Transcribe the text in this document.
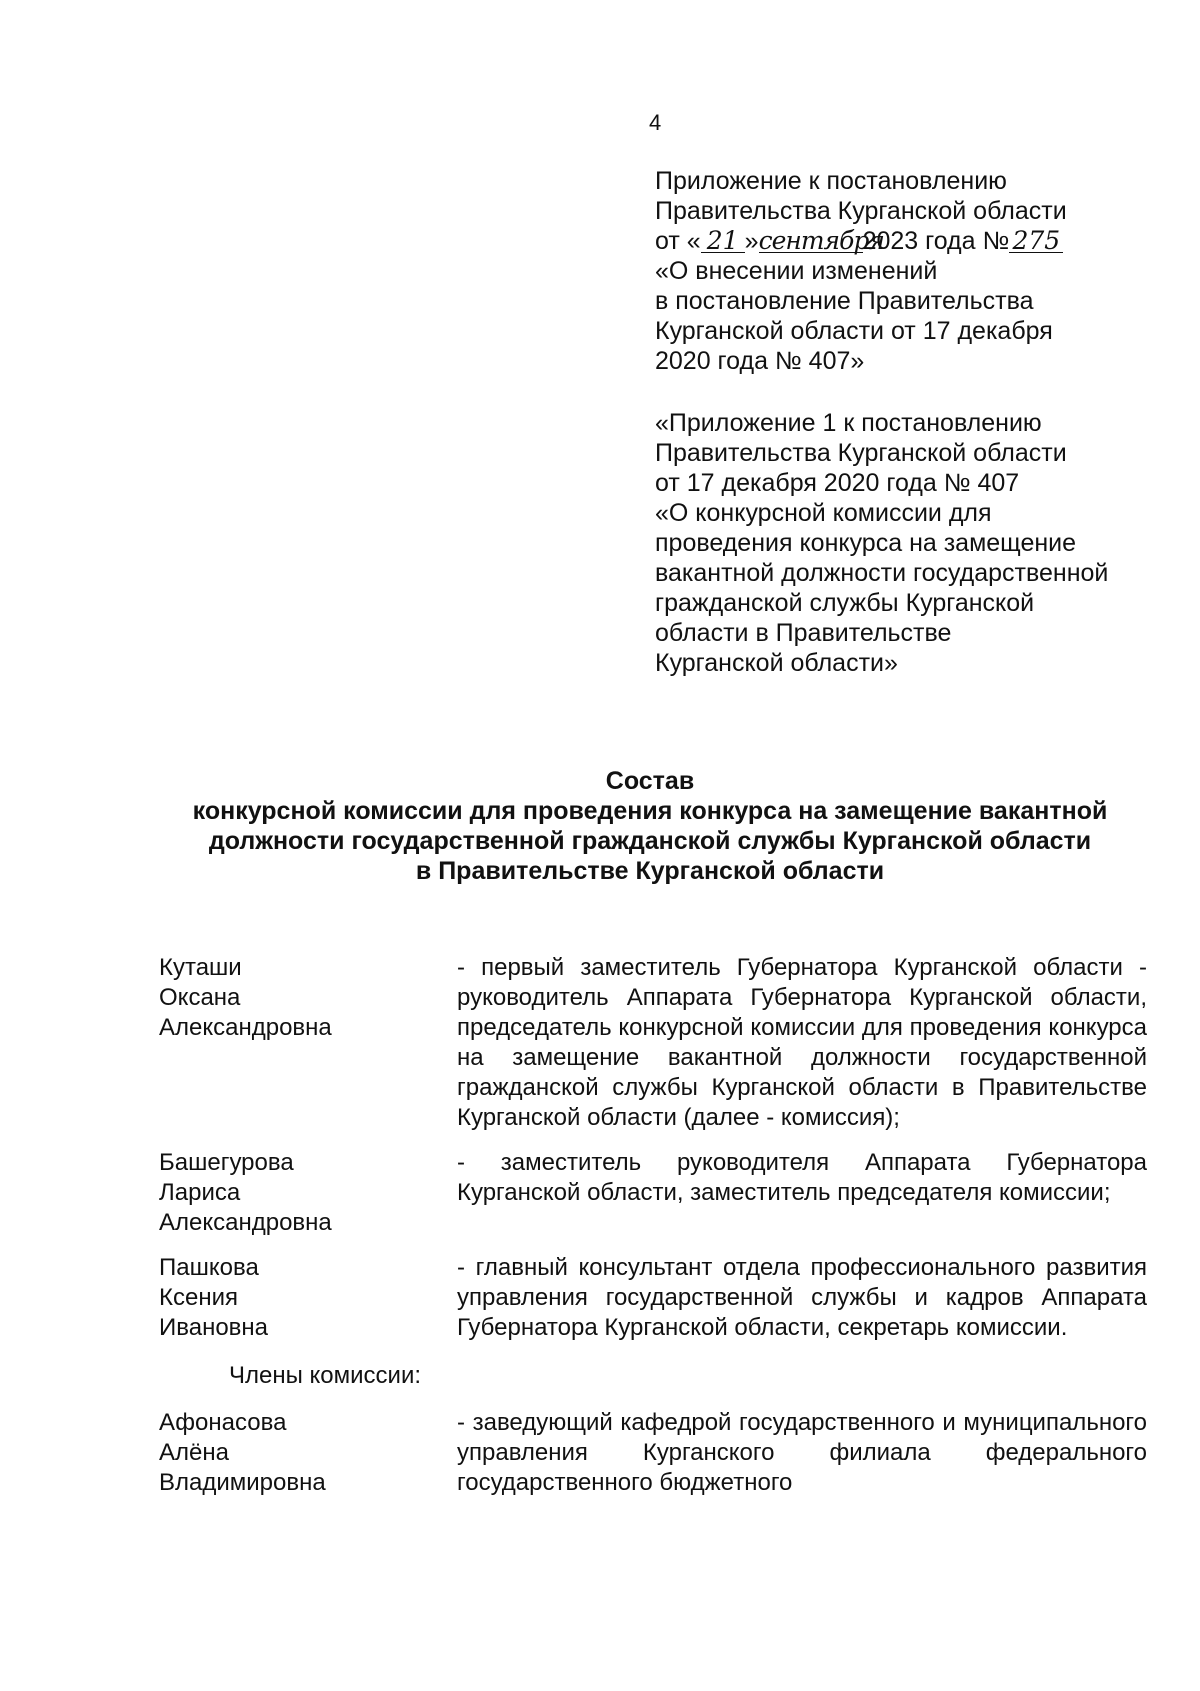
4
Приложение к постановлению
Правительства Курганской области
от « 21 »сентября2023 года № 275
«О внесении изменений
в постановление Правительства
Курганской области от 17 декабря
2020 года № 407»
«Приложение 1 к постановлению
Правительства Курганской области
от 17 декабря 2020 года № 407
«О конкурсной комиссии для
проведения конкурса на замещение
вакантной должности государственной
гражданской службы Курганской
области в Правительстве
Курганской области»
Состав
конкурсной комиссии для проведения конкурса на замещение вакантной
должности государственной гражданской службы Курганской области
в Правительстве Курганской области
Куташи
Оксана
Александровна
- первый заместитель Губернатора Курганской области - руководитель Аппарата Губернатора Курганской области, председатель конкурсной комиссии для проведения конкурса на замещение вакантной должности государственной гражданской службы Курганской области в Правительстве Курганской области (далее - комиссия);
Башегурова
Лариса
Александровна
- заместитель руководителя Аппарата Губернатора Курганской области, заместитель председателя комиссии;
Пашкова
Ксения
Ивановна
- главный консультант отдела профессионального развития управления государственной службы и кадров Аппарата Губернатора Курганской области, секретарь комиссии.
Члены комиссии:
Афонасова
Алёна
Владимировна
- заведующий кафедрой государственного и муниципального управления Курганского филиала федерального государственного бюджетного
